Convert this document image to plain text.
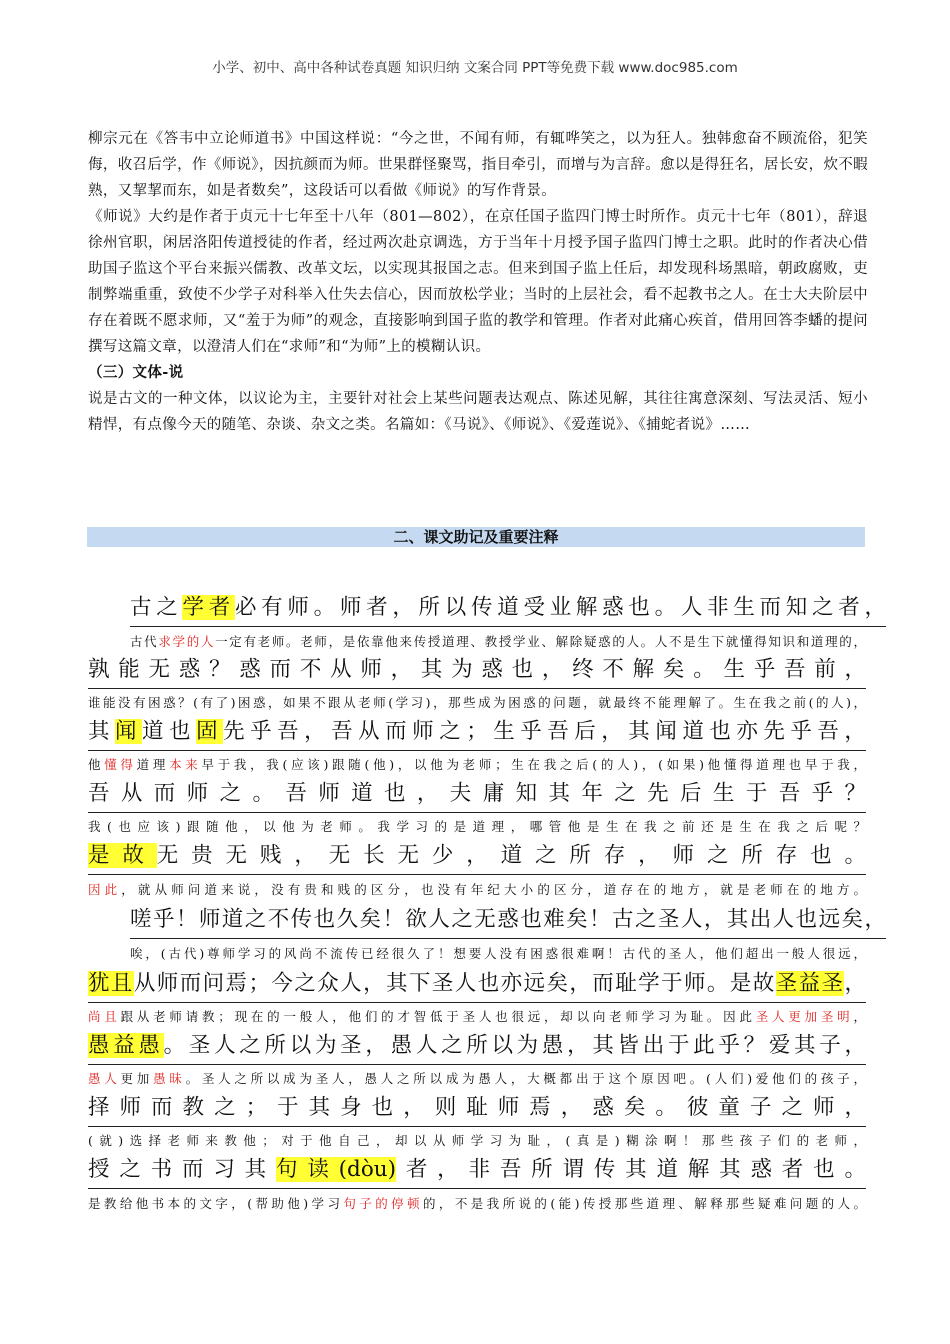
小学、初中、高中各种试卷真题 知识归纳 文案合同 PPT等免费下载 www.doc985.com

柳宗元在《答韦中立论师道书》中国这样说：“今之世，不闻有师，有辄哗笑之，以为狂人。独韩愈奋不顾流俗，犯笑侮，收召后学，作《师说》，因抗颜而为师。世果群怪聚骂，指目牵引，而增与为言辞。愈以是得狂名，居长安，炊不暇熟，又挈挈而东，如是者数矣”，这段话可以看做《师说》的写作背景。

《师说》大约是作者于贞元十七年至十八年（801—802），在京任国子监四门博士时所作。贞元十七年（801），辞退徐州官职，闲居洛阳传道授徒的作者，经过两次赴京调选，方于当年十月授予国子监四门博士之职。此时的作者决心借助国子监这个平台来振兴儒教、改革文坛，以实现其报国之志。但来到国子监上任后，却发现科场黑暗，朝政腐败，吏制弊端重重，致使不少学子对科举入仕失去信心，因而放松学业；当时的上层社会，看不起教书之人。在士大夫阶层中存在着既不愿求师，又“羞于为师”的观念，直接影响到国子监的教学和管理。作者对此痛心疾首，借用回答李蟠的提问撰写这篇文章，以澄清人们在“求师”和“为师”上的模糊认识。

（三）文体-说

说是古文的一种文体，以议论为主，主要针对社会上某些问题表达观点、陈述见解，其往往寓意深刻、写法灵活、短小精悍，有点像今天的随笔、杂谈、杂文之类。名篇如：《马说》、《师说》、《爱莲说》、《捕蛇者说》……

二、课文助记及重要注释
古之学者必有师。师者，所以传道受业解惑也。人非生而知之者，
古代求学的人一定有老师。老师，是依靠他来传授道理、教授学业、解除疑惑的人。人不是生下就懂得知识和道理的，
孰能无惑？惑而不从师，其为惑也，终不解矣。生乎吾前，
谁能没有困惑？(有了)困惑，如果不跟从老师(学习)，那些成为困惑的问题，就最终不能理解了。生在我之前(的人)，
其闻道也固先乎吾，吾从而师之；生乎吾后，其闻道也亦先乎吾，
他懂得道理本来早于我，我(应该)跟随(他)，以他为老师；生在我之后(的人)，(如果)他懂得道理也早于我，
吾从而师之。吾师道也，夫庸知其年之先后生于吾乎？
我(也应该)跟随他，以他为老师。我学习的是道理，哪管他是生在我之前还是生在我之后呢？
是故无贵无贱，无长无少，道之所存，师之所存也。
因此，就从师问道来说，没有贵和贱的区分，也没有年纪大小的区分，道存在的地方，就是老师在的地方。
嗟乎！师道之不传也久矣！欲人之无惑也难矣！古之圣人，其出人也远矣，
唉，(古代)尊师学习的风尚不流传已经很久了！想要人没有困惑很难啊！古代的圣人，他们超出一般人很远，
犹且从师而问焉；今之众人，其下圣人也亦远矣，而耻学于师。是故圣益圣，
尚且跟从老师请教；现在的一般人，他们的才智低于圣人也很远，却以向老师学习为耻。因此圣人更加圣明，
愚益愚。圣人之所以为圣，愚人之所以为愚，其皆出于此乎？爱其子，
愚人更加愚昧。圣人之所以成为圣人，愚人之所以成为愚人，大概都出于这个原因吧。(人们)爱他们的孩子，
择师而教之；于其身也，则耻师焉，惑矣。彼童子之师，
(就)选择老师来教他；对于他自己，却以从师学习为耻，(真是)糊涂啊！那些孩子们的老师，
授之书而习其句读(dòu)者，非吾所谓传其道解其惑者也。
是教给他书本的文字，(帮助他)学习句子的停顿的，不是我所说的(能)传授那些道理、解释那些疑难问题的人。
